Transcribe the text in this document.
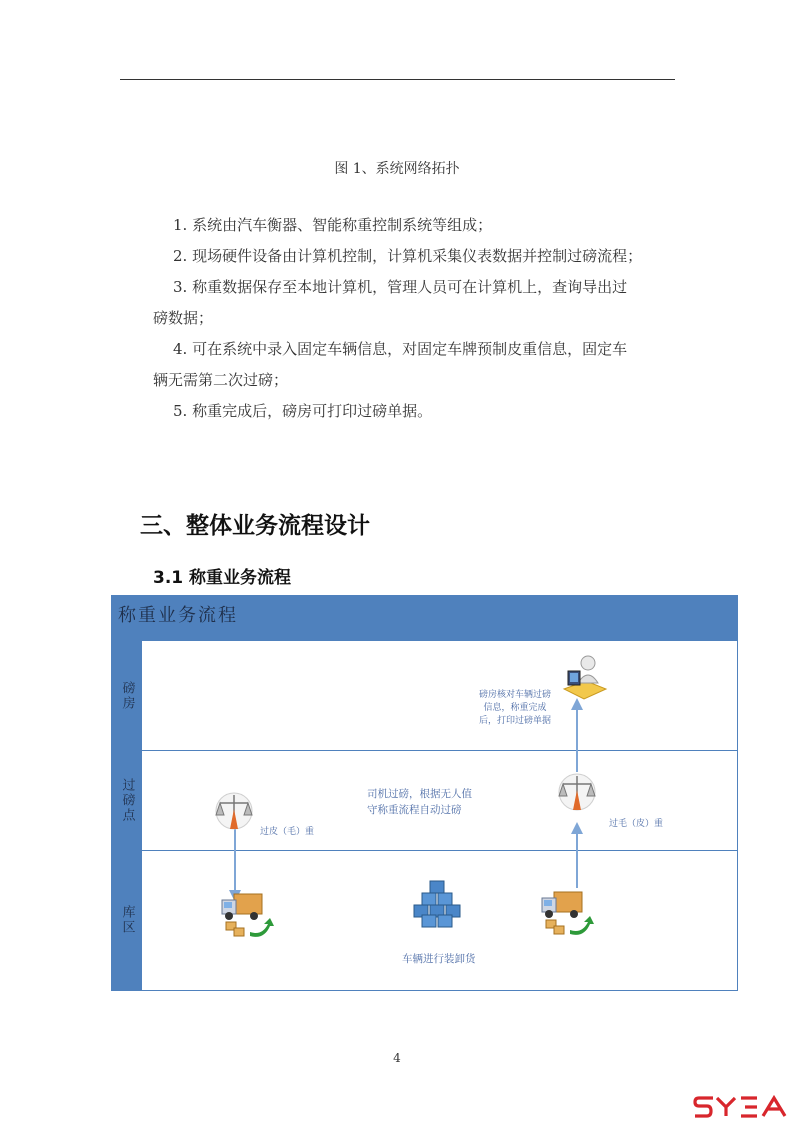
图 1、系统网络拓扑

1. 系统由汽车衡器、智能称重控制系统等组成；

2. 现场硬件设备由计算机控制，计算机采集仪表数据并控制过磅流程；

3. 称重数据保存至本地计算机，管理人员可在计算机上，查询导出过

磅数据；

4. 可在系统中录入固定车辆信息，对固定车牌预制皮重信息，固定车

辆无需第二次过磅；

5. 称重完成后，磅房可打印过磅单据。

三、整体业务流程设计
3.1 称重业务流程
称重业务流程
磅房
过磅点
库区
磅房核对车辆过磅
信息，称重完成
后，打印过磅单据
过皮（毛）重
司机过磅，根据无人值
守称重流程自动过磅
过毛（皮）重
车辆进行装卸货
4
